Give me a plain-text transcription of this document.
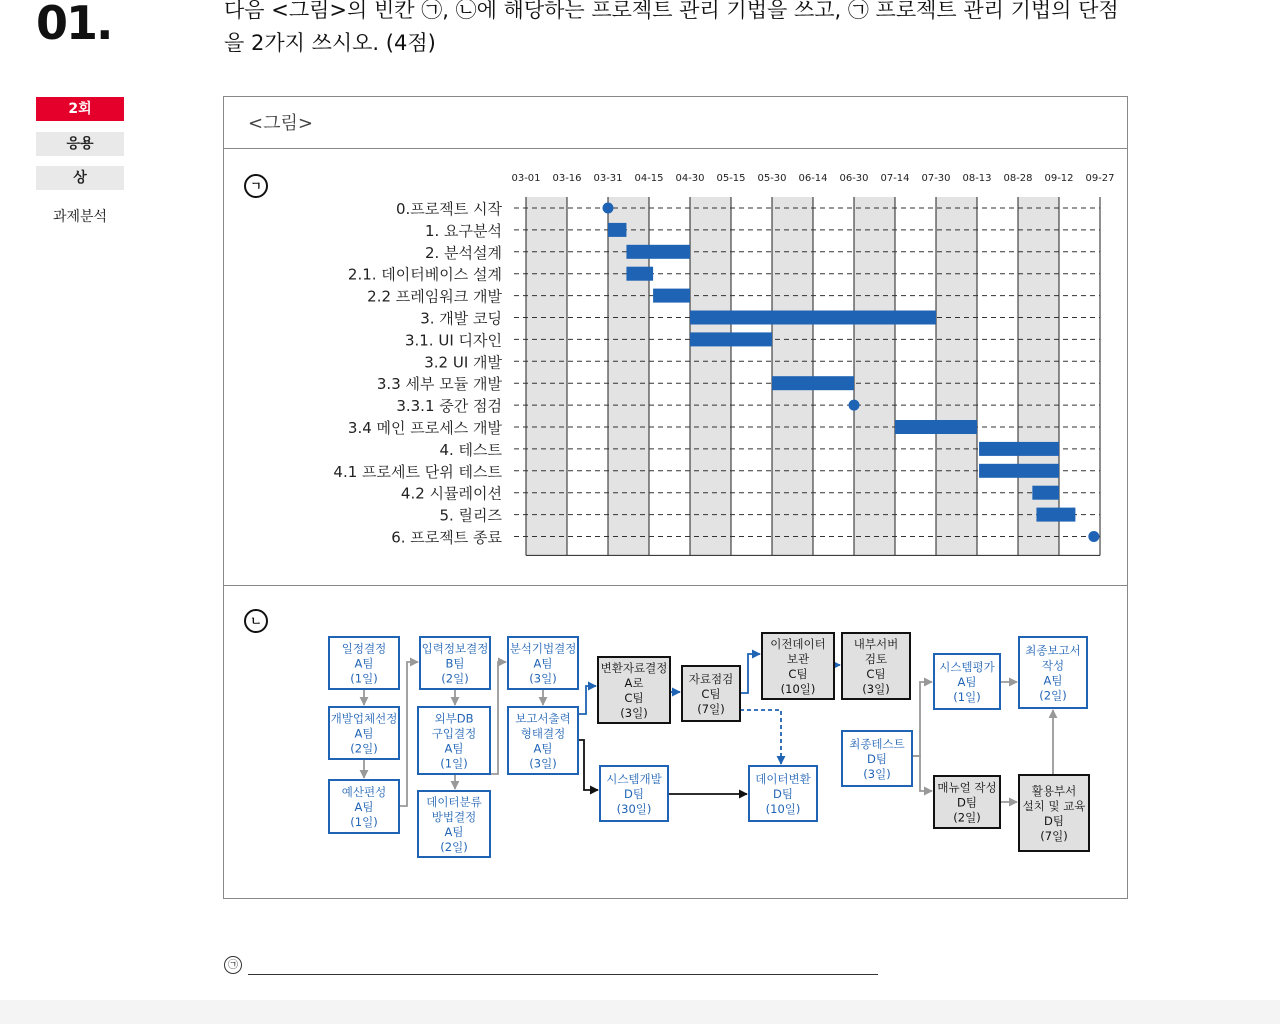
01.	다음 <그림>의 빈칸 ㉠, ㉡에 해당하는 프로젝트 관리 기법을 쓰고, ㉠ 프로젝트 관리 기법의 단점을 2가지 쓰시오. (4점)
2회
응용
상
과제분석
<그림>
ㄱ
ㄴ
03-01 03-16 03-31 04-15 04-30 05-15 05-30 06-14 06-30 07-14 07-30 08-13 08-28 09-12 09-27
0.프로젝트 시작
1. 요구분석
2. 분석설계
2.1. 데이터베이스 설계
2.2 프레임워크 개발
3. 개발 코딩
3.1. UI 디자인
3.2 UI 개발
3.3 세부 모듈 개발
3.3.1 중간 점검
3.4 메인 프로세스 개발
4. 테스트
4.1 프로세트 단위 테스트
4.2 시뮬레이션
5. 릴리즈
6. 프로젝트 종료
일정결정
A팀
(1일)
개발업체선정
A팀
(2일)
예산편성
A팀
(1일)
입력정보결정
B팀
(2일)
외부DB
구입결정
A팀
(1일)
데이터분류
방법결정
A팀
(2일)
분석기법결정
A팀
(3일)
보고서출력
형태결정
A팀
(3일)
변환자료결정
A로
C팀
(3일)
자료점검
C팀
(7일)
이전데이터
보관
C팀
(10일)
내부서버
검토
C팀
(3일)
시스템개발
D팀
(30일)
데이터변환
D팀
(10일)
최종테스트
D팀
(3일)
시스템평가
A팀
(1일)
최종보고서
작성
A팀
(2일)
매뉴얼 작성
D팀
(2일)
활용부서
설치 및 교육
D팀
(7일)
㉠
